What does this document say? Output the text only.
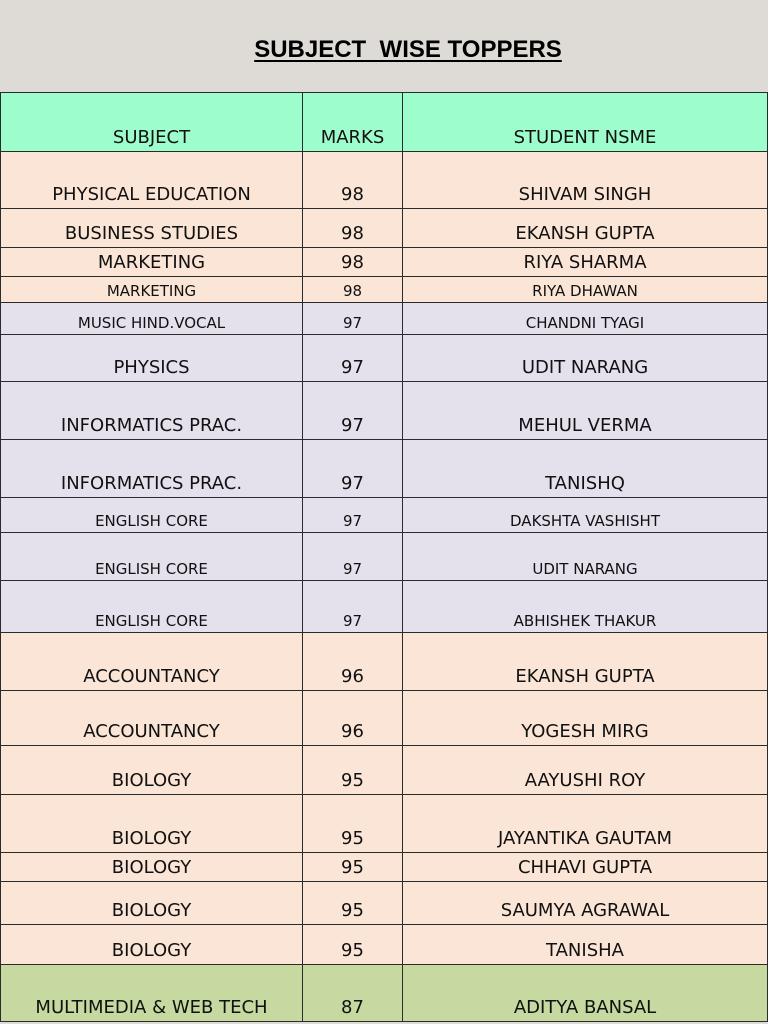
SUBJECT  WISE TOPPERS
SUBJECT	MARKS	STUDENT NSME
PHYSICAL EDUCATION	98	SHIVAM SINGH
BUSINESS STUDIES	98	EKANSH GUPTA
MARKETING	98	RIYA SHARMA
MARKETING	98	RIYA DHAWAN
MUSIC HIND.VOCAL	97	CHANDNI TYAGI
PHYSICS	97	UDIT NARANG
INFORMATICS PRAC.	97	MEHUL VERMA
INFORMATICS PRAC.	97	TANISHQ
ENGLISH CORE	97	DAKSHTA VASHISHT
ENGLISH CORE	97	UDIT NARANG
ENGLISH CORE	97	ABHISHEK THAKUR
ACCOUNTANCY	96	EKANSH GUPTA
ACCOUNTANCY	96	YOGESH MIRG
BIOLOGY	95	AAYUSHI ROY
BIOLOGY	95	JAYANTIKA GAUTAM
BIOLOGY	95	CHHAVI GUPTA
BIOLOGY	95	SAUMYA AGRAWAL
BIOLOGY	95	TANISHA
MULTIMEDIA & WEB TECH	87	ADITYA BANSAL
